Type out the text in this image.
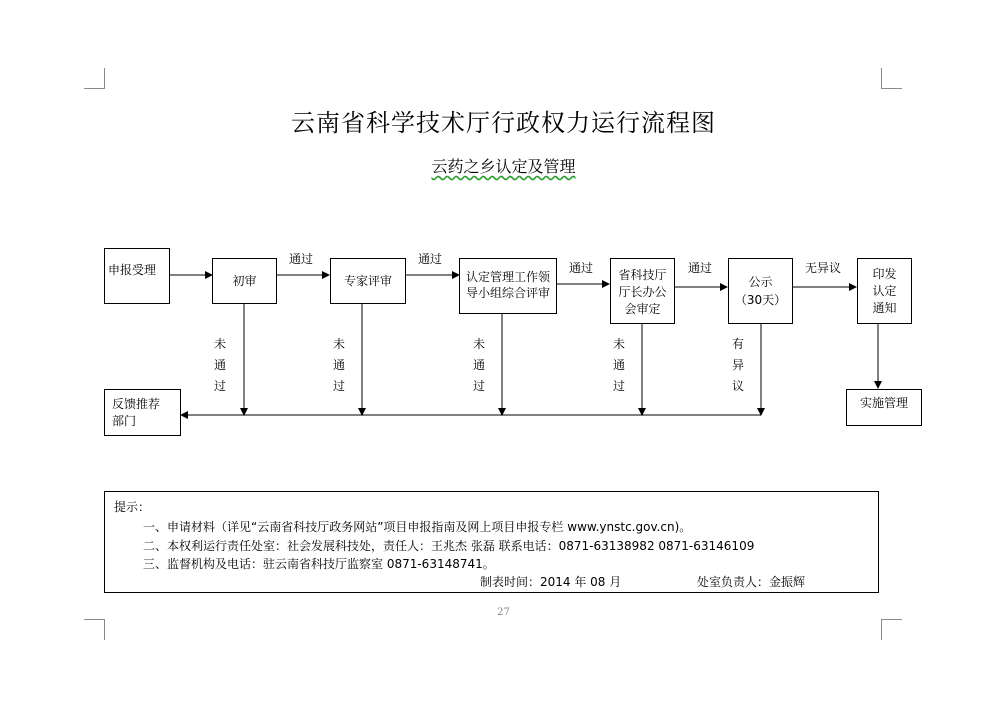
云南省科学技术厅行政权力运行流程图
云药之乡认定及管理
申报受理
初审	专家评审	认定管理工作领
导小组综合评审
省科技厅
厅长办公
会审定
公示
（30天）
印发
认定
通知
实施管理
反馈推荐
部门
通过	通过
通过	通过	无异议
未
通
过
未
通
过
未
通
过
未
通
过
有
异
议
提示：
一、申请材料（详见“云南省科技厅政务网站”项目申报指南及网上项目申报专栏 www.ynstc.gov.cn)。
二、本权利运行责任处室：社会发展科技处，责任人：王兆杰 张磊 联系电话：0871-63138982 0871-63146109
三、监督机构及电话：驻云南省科技厅监察室 0871-63148741。
制表时间：2014 年 08 月	处室负责人：金振辉
27
